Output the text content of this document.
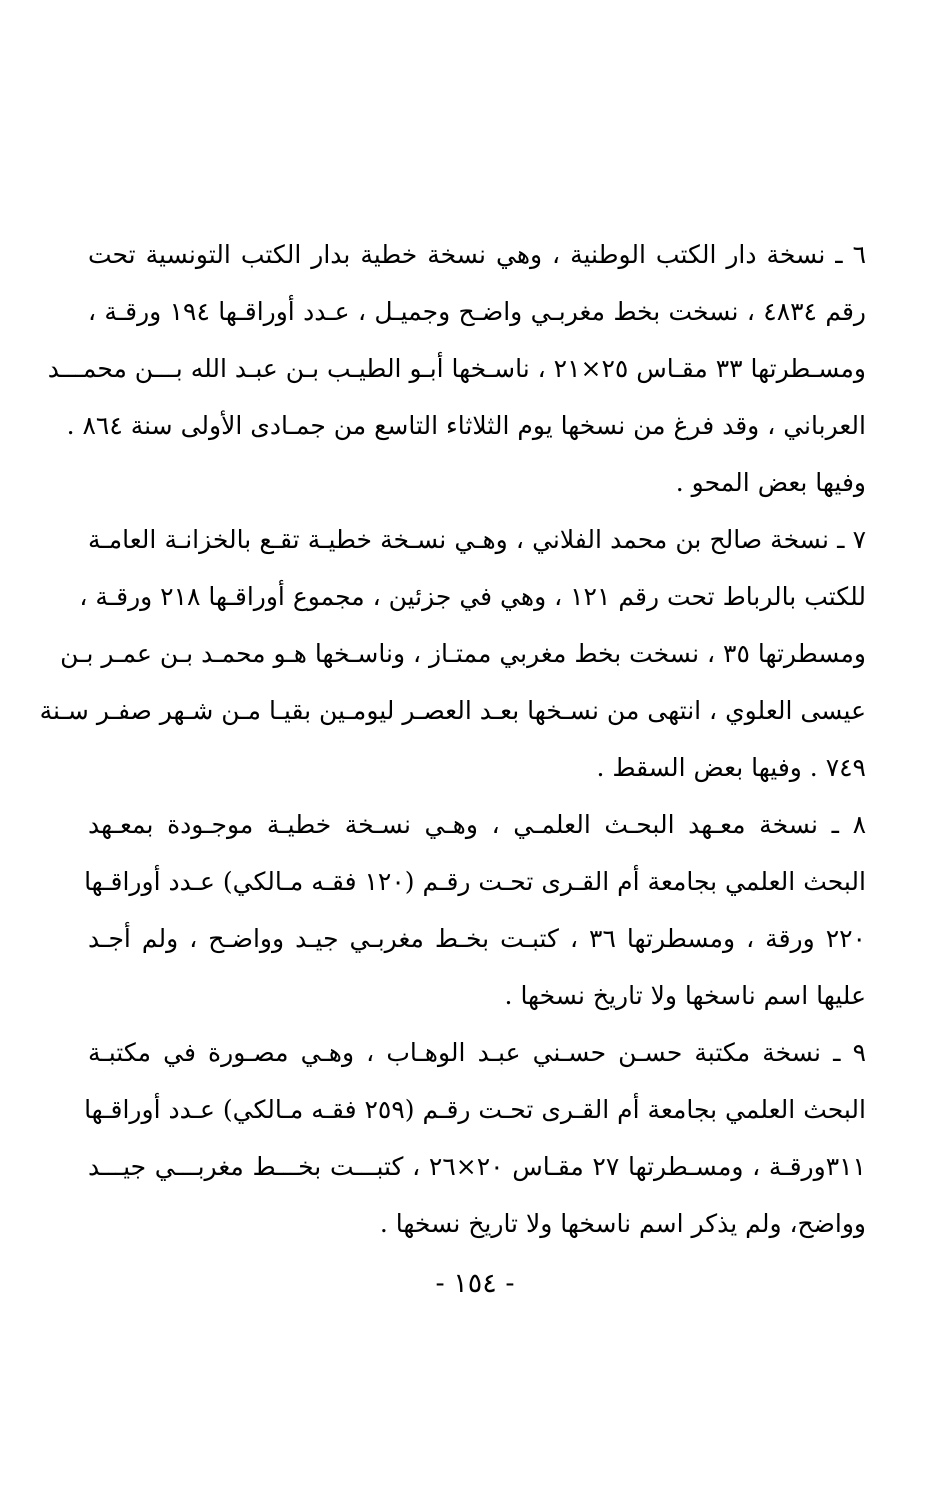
٦ ـ نسخة دار الكتب الوطنية ، وهي نسخة خطية بدار الكتب التونسية تحت
رقم ٤٨٣٤ ، نسخت بخط مغربـي واضـح وجميـل ، عـدد أوراقـها ١٩٤ ورقـة ،
ومسـطرتها ٣٣ مقـاس ٢٥×٢١ ، ناسـخها أبـو الطيـب بـن عبـد الله بـــن محمـــد
العرباني ، وقد فرغ من نسخها يوم الثلاثاء التاسع من جمـادى الأولى سنة ٨٦٤ .
وفيها بعض المحو .
٧ ـ نسخة صالح بن محمد الفلاني ، وهـي نسـخة خطيـة تقـع بالخزانـة العامـة
للكتب بالرباط تحت رقم ١٢١ ، وهي في جزئين ، مجموع أوراقـها ٢١٨ ورقـة ،
ومسطرتها ٣٥ ، نسخت بخط مغربي ممتـاز ، وناسـخها هـو محمـد بـن عمـر بـن
عيسى العلوي ، انتهى من نسـخها بعـد العصـر ليومـين بقيـا مـن شـهر صفـر سـنة
٧٤٩ . وفيها بعض السقط .
٨ ـ نسخة معـهد البحـث العلمـي ، وهـي نسـخة خطيـة موجـودة بمعـهد
البحث العلمي بجامعة أم القـرى تحـت رقـم (١٢٠ فقـه مـالكي) عـدد أوراقـها
٢٢٠ ورقة ، ومسطرتها ٣٦ ، كتبـت بخـط مغربـي جيـد وواضـح ، ولم أجـد
عليها اسم ناسخها ولا تاريخ نسخها .
٩ ـ نسخة مكتبة حسـن حسـني عبـد الوهـاب ، وهـي مصـورة في مكتبـة
البحث العلمي بجامعة أم القـرى تحـت رقـم (٢٥٩ فقـه مـالكي) عـدد أوراقـها
٣١١ورقـة ، ومسـطرتها ٢٧ مقـاس ٢٠×٢٦ ، كتبـــت بخـــط مغربـــي جيـــد
وواضح، ولم يذكر اسم ناسخها ولا تاريخ نسخها .
- ١٥٤ -
